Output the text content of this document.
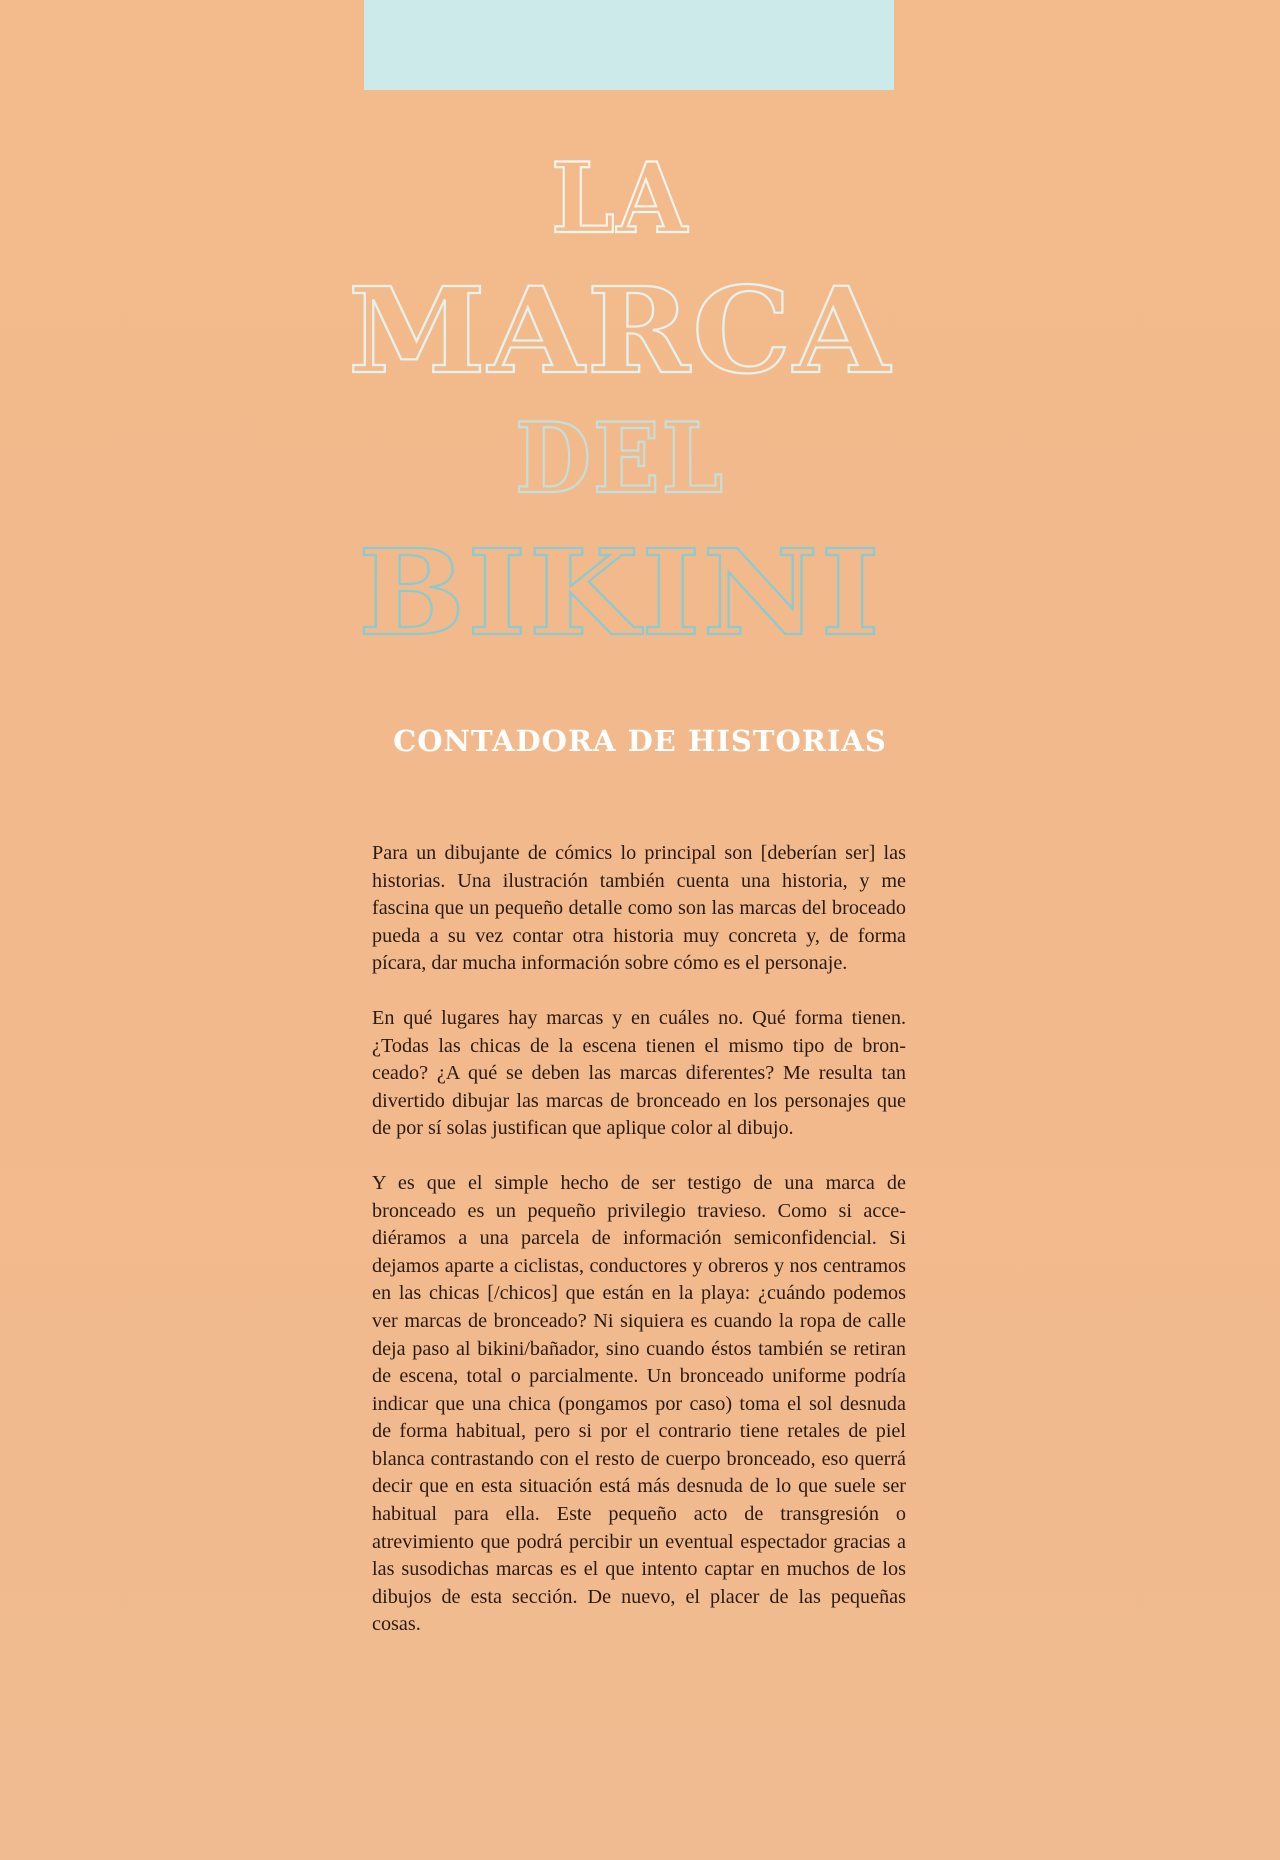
LA
MARCA
DEL
BIKINI
CONTADORA DE HISTORIAS

Para un dibujante de cómics lo principal son [deberían ser] las historias. Una ilustración también cuenta una historia, y me fascina que un pequeño detalle como son las marcas del broceado pueda a su vez contar otra historia muy concreta y, de forma pícara, dar mucha información sobre cómo es el personaje.

En qué lugares hay marcas y en cuáles no. Qué forma tienen. ¿Todas las chicas de la escena tienen el mismo tipo de bronceado? ¿A qué se deben las marcas diferentes? Me resulta tan divertido dibujar las marcas de bronceado en los personajes que de por sí solas justifican que aplique color al dibujo.

Y es que el simple hecho de ser testigo de una marca de bronceado es un pequeño privilegio travieso. Como si accediéramos a una parcela de información semiconfidencial. Si dejamos aparte a ciclistas, conductores y obreros y nos centramos en las chicas [/chicos] que están en la playa: ¿cuándo podemos ver marcas de bronceado? Ni siquiera es cuando la ropa de calle deja paso al bikini/bañador, sino cuando éstos también se retiran de escena, total o parcialmente. Un bronceado uniforme podría indicar que una chica (pongamos por caso) toma el sol desnuda de forma habitual, pero si por el contrario tiene retales de piel blanca contrastando con el resto de cuerpo bronceado, eso querrá decir que en esta situación está más desnuda de lo que suele ser habitual para ella. Este pequeño acto de transgresión o atrevimiento que podrá percibir un eventual espectador gracias a las susodichas marcas es el que intento captar en muchos de los dibujos de esta sección. De nuevo, el placer de las pequeñas cosas.
